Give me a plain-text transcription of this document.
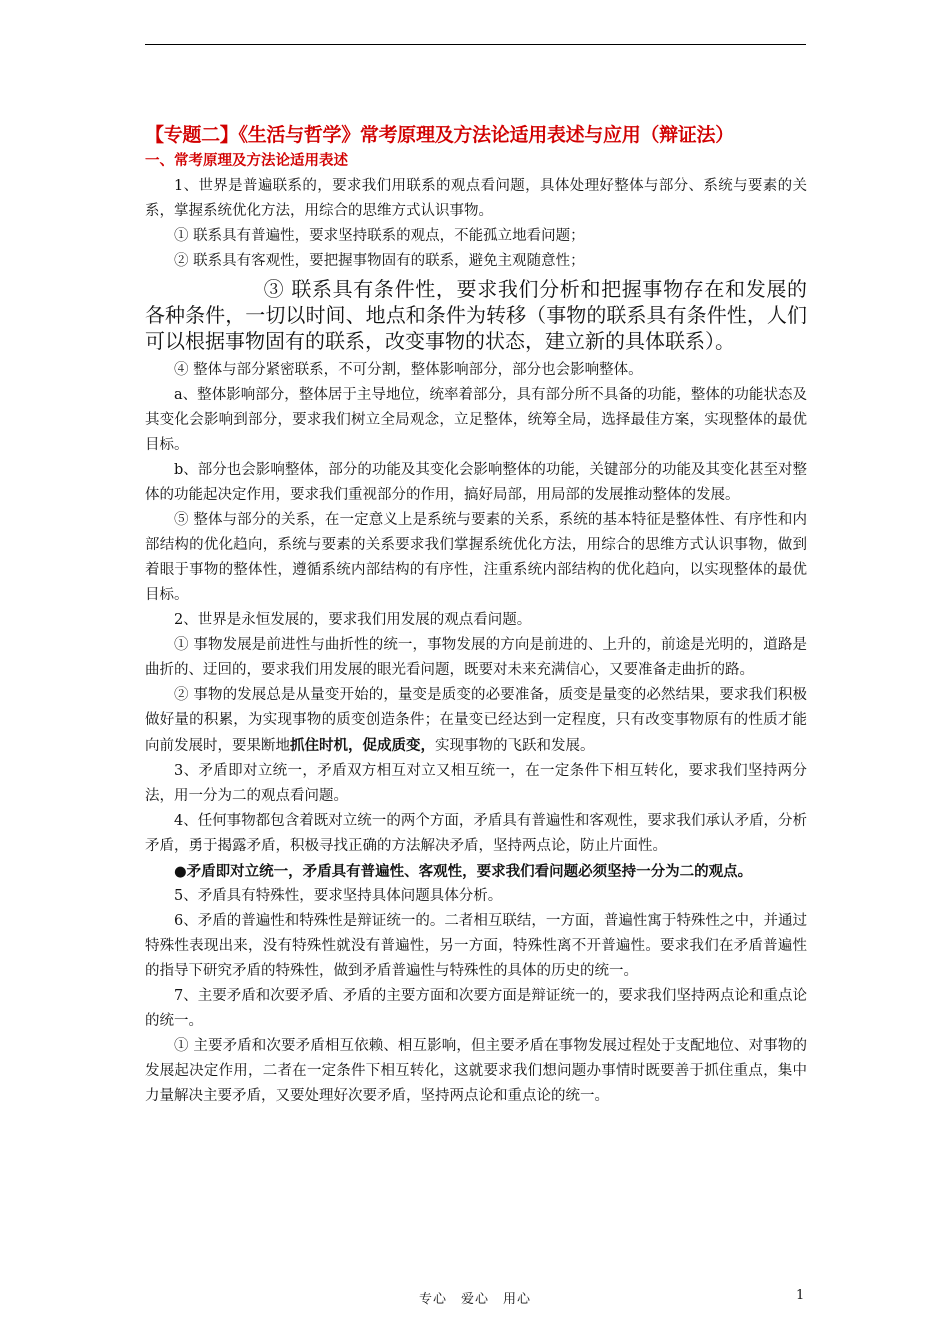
【专题二】《生活与哲学》常考原理及方法论适用表述与应用（辩证法）
一、常考原理及方法论适用表述

1、世界是普遍联系的，要求我们用联系的观点看问题，具体处理好整体与部分、系统与要素的关系，掌握系统优化方法，用综合的思维方式认识事物。

① 联系具有普遍性，要求坚持联系的观点，不能孤立地看问题；

② 联系具有客观性，要把握事物固有的联系，避免主观随意性；

③ 联系具有条件性，要求我们分析和把握事物存在和发展的各种条件，一切以时间、地点和条件为转移（事物的联系具有条件性，人们可以根据事物固有的联系，改变事物的状态，建立新的具体联系）。

④ 整体与部分紧密联系，不可分割，整体影响部分，部分也会影响整体。

a、整体影响部分，整体居于主导地位，统率着部分，具有部分所不具备的功能，整体的功能状态及其变化会影响到部分，要求我们树立全局观念，立足整体，统筹全局，选择最佳方案，实现整体的最优目标。

b、部分也会影响整体，部分的功能及其变化会影响整体的功能，关键部分的功能及其变化甚至对整体的功能起决定作用，要求我们重视部分的作用，搞好局部，用局部的发展推动整体的发展。

⑤ 整体与部分的关系，在一定意义上是系统与要素的关系，系统的基本特征是整体性、有序性和内部结构的优化趋向，系统与要素的关系要求我们掌握系统优化方法，用综合的思维方式认识事物，做到着眼于事物的整体性，遵循系统内部结构的有序性，注重系统内部结构的优化趋向，以实现整体的最优目标。

2、世界是永恒发展的，要求我们用发展的观点看问题。

① 事物发展是前进性与曲折性的统一，事物发展的方向是前进的、上升的，前途是光明的，道路是曲折的、迂回的，要求我们用发展的眼光看问题，既要对未来充满信心，又要准备走曲折的路。

② 事物的发展总是从量变开始的，量变是质变的必要准备，质变是量变的必然结果，要求我们积极做好量的积累，为实现事物的质变创造条件；在量变已经达到一定程度，只有改变事物原有的性质才能向前发展时，要果断地抓住时机，促成质变，实现事物的飞跃和发展。

3、矛盾即对立统一，矛盾双方相互对立又相互统一，在一定条件下相互转化，要求我们坚持两分法，用一分为二的观点看问题。

4、任何事物都包含着既对立统一的两个方面，矛盾具有普遍性和客观性，要求我们承认矛盾，分析矛盾，勇于揭露矛盾，积极寻找正确的方法解决矛盾，坚持两点论，防止片面性。

●矛盾即对立统一，矛盾具有普遍性、客观性，要求我们看问题必须坚持一分为二的观点。

5、矛盾具有特殊性，要求坚持具体问题具体分析。

6、矛盾的普遍性和特殊性是辩证统一的。二者相互联结，一方面，普遍性寓于特殊性之中，并通过特殊性表现出来，没有特殊性就没有普遍性，另一方面，特殊性离不开普遍性。要求我们在矛盾普遍性的指导下研究矛盾的特殊性，做到矛盾普遍性与特殊性的具体的历史的统一。

7、主要矛盾和次要矛盾、矛盾的主要方面和次要方面是辩证统一的，要求我们坚持两点论和重点论的统一。

① 主要矛盾和次要矛盾相互依赖、相互影响，但主要矛盾在事物发展过程处于支配地位、对事物的发展起决定作用，二者在一定条件下相互转化，这就要求我们想问题办事情时既要善于抓住重点，集中力量解决主要矛盾，又要处理好次要矛盾，坚持两点论和重点论的统一。

专心　爱心　用心	1
